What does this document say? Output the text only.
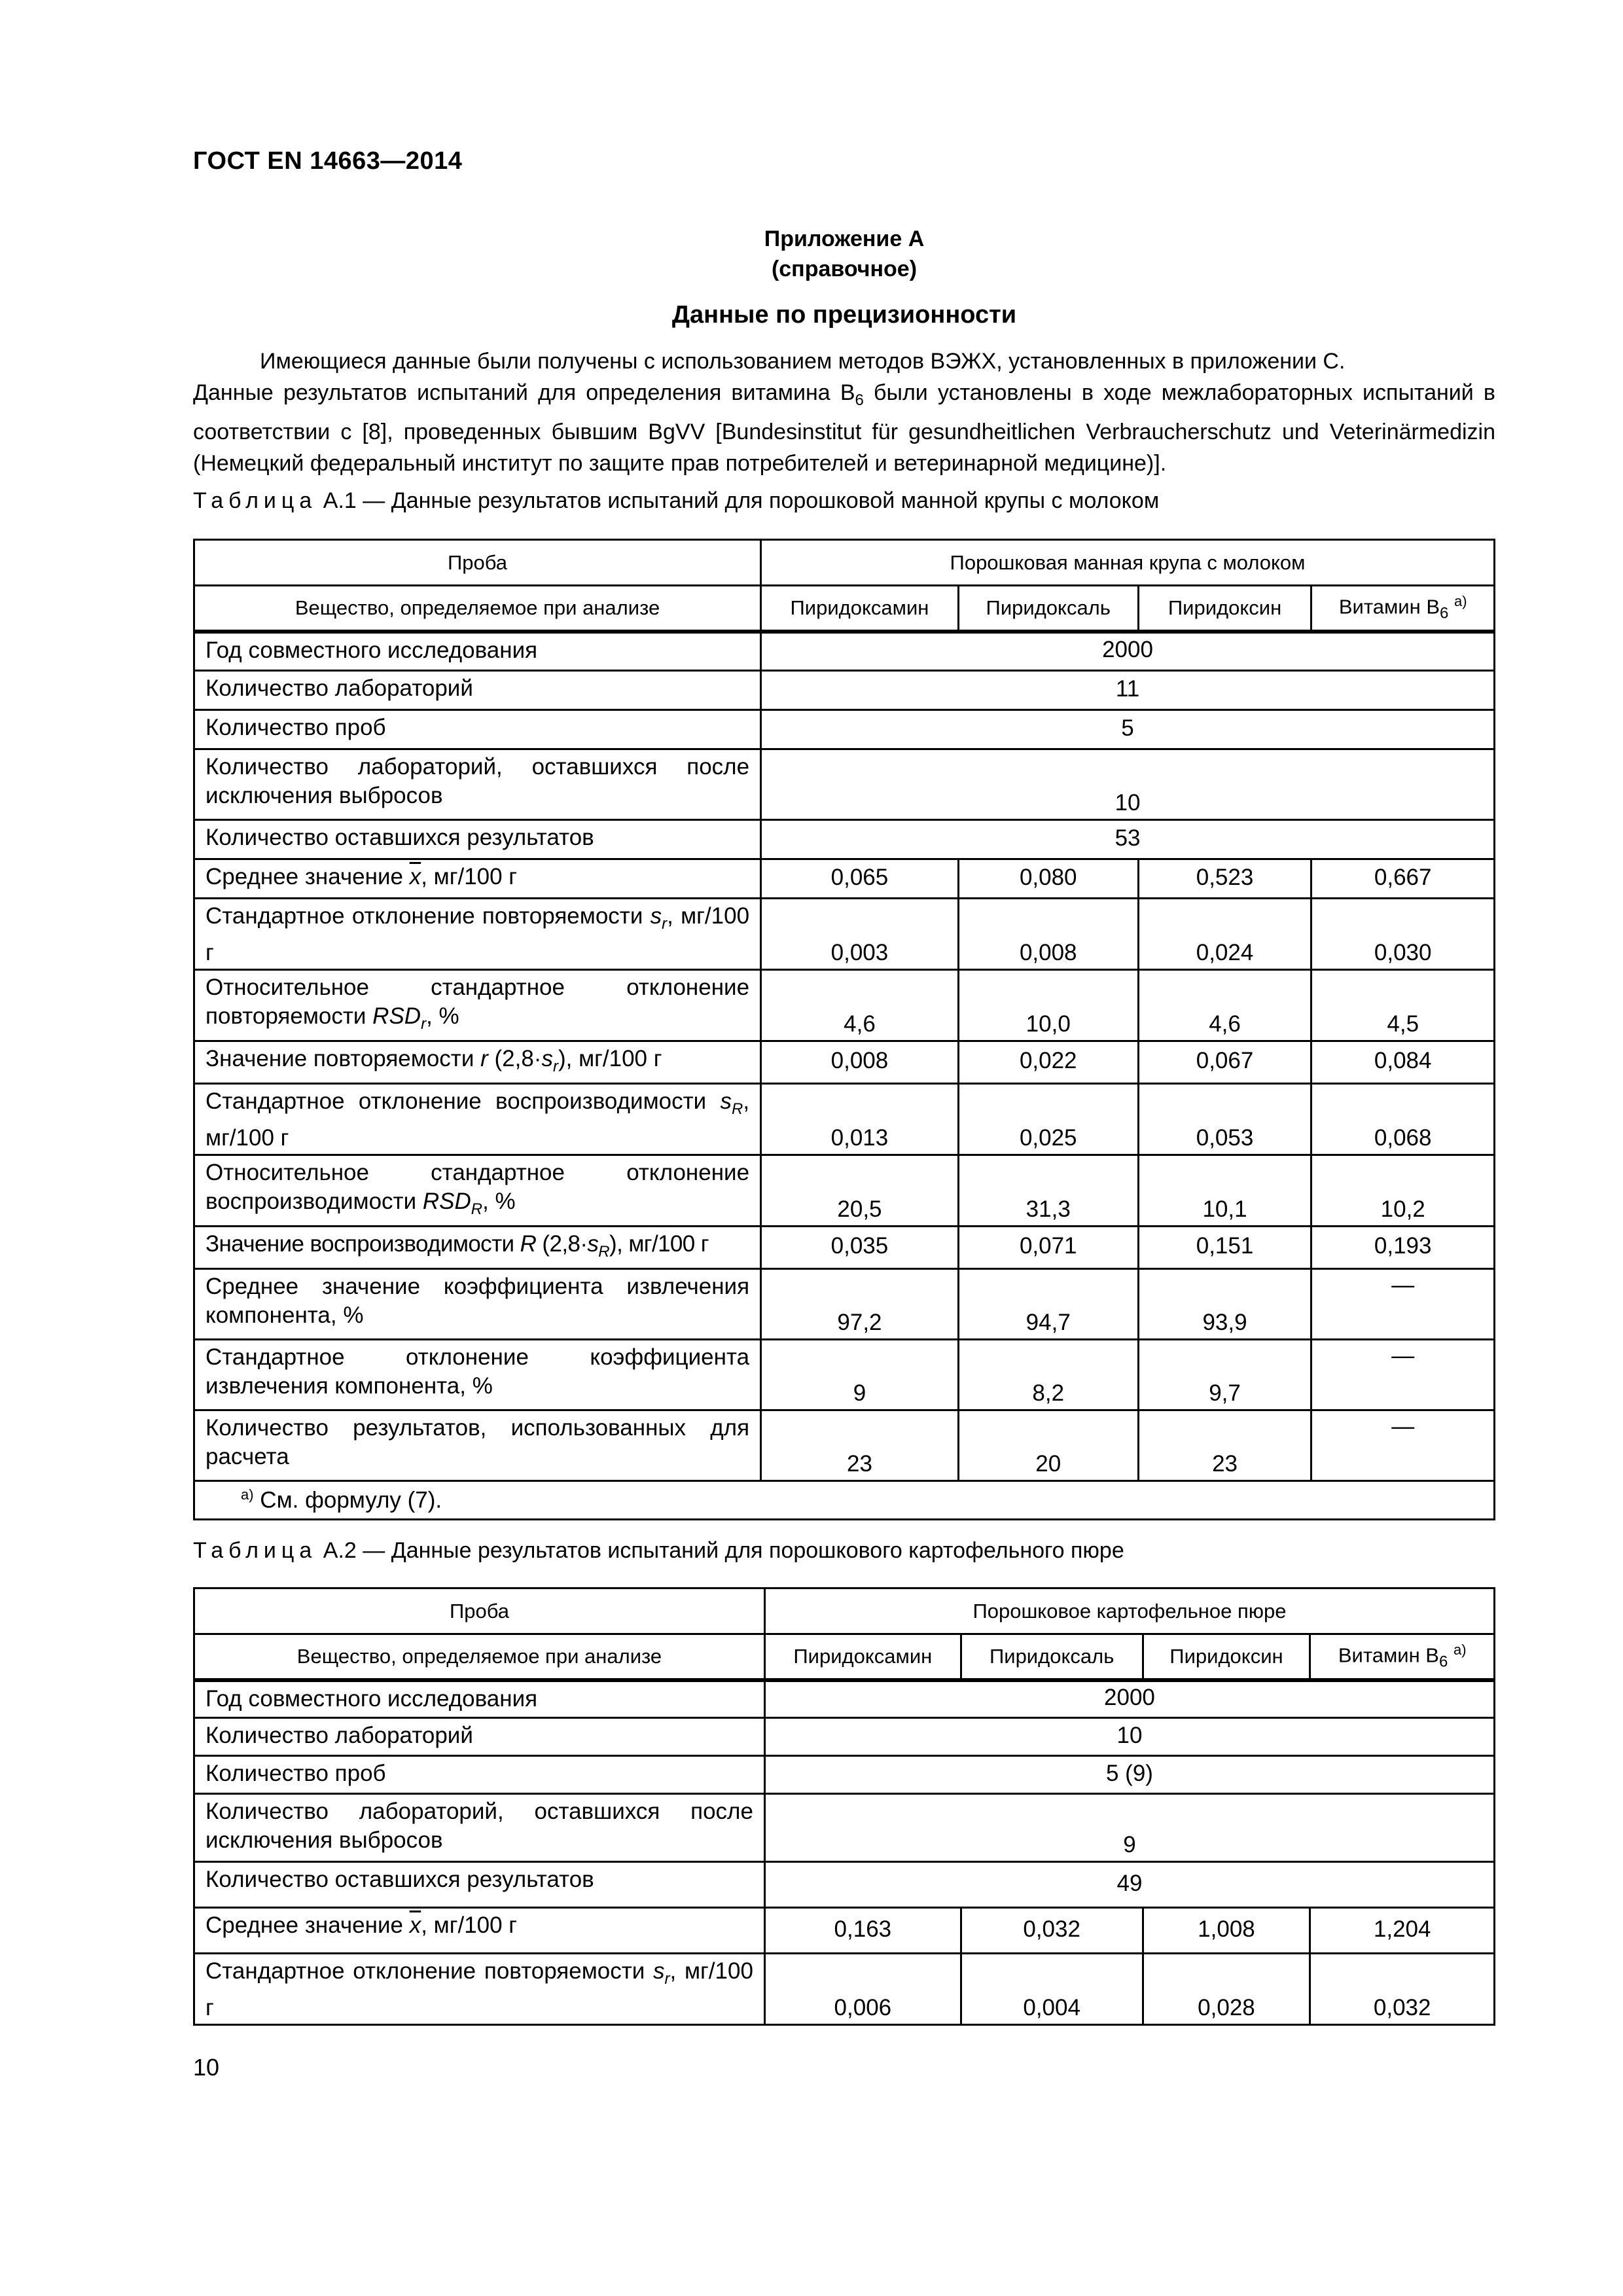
ГОСТ EN 14663—2014
Приложение А
(справочное)
Данные по прецизионности
Имеющиеся данные были получены с использованием методов ВЭЖХ, установленных в приложении С.
Данные результатов испытаний для определения витамина $В_6$ были установлены в ходе межлабораторных испытаний в соответствии с [8], проведенных бывшим BgVV [Bundesinstitut für gesundheitlichen Verbraucherschutz und Veterinärmedizin (Немецкий федеральный институт по защите прав потребителей и ветеринарной медицине)].
Таблица А.1 — Данные результатов испытаний для порошковой манной крупы с молоком
Проба	Порошковая манная крупа с молоком			
Вещество, определяемое при анализе	Пиридоксамин	Пиридоксаль	Пиридоксин	Витамин $В_6$ $^{а)}$
Год совместного исследования	2000			
Количество лабораторий	11			
Количество проб	5			
Количество лабораторий, оставшихся после исключения выбросов	10			
Количество оставшихся результатов	53			
Среднее значение $\overline{x}$, мг/100 г	0,065	0,080	0,523	0,667
Стандартное отклонение повторяемости $s_r$, мг/100 г	0,003	0,008	0,024	0,030
Относительное стандартное отклонение повторяемости $RSD_r$, %	4,6	10,0	4,6	4,5
Значение повторяемости r $(2,8\cdot s_r)$, мг/100 г	0,008	0,022	0,067	0,084
Стандартное отклонение воспроизводимости $s_R$, мг/100 г	0,013	0,025	0,053	0,068
Относительное стандартное отклонение воспроизводимости $RSD_R$, %	20,5	31,3	10,1	10,2
Значение воспроизводимости R $(2,8\cdot s_R)$, мг/100 г	0,035	0,071	0,151	0,193
Среднее значение коэффициента извлечения компонента, %	97,2	94,7	93,9	—
Стандартное отклонение коэффициента извлечения компонента, %	9	8,2	9,7	—
Количество результатов, использованных для расчета	23	20	23	—
$^{а)}$ См. формулу (7).				
Таблица А.2 — Данные результатов испытаний для порошкового картофельного пюре
Проба	Порошковое картофельное пюре			
Вещество, определяемое при анализе	Пиридоксамин	Пиридоксаль	Пиридоксин	Витамин $В_6$ $^{а)}$
Год совместного исследования	2000			
Количество лабораторий	10			
Количество проб	5 (9)			
Количество лабораторий, оставшихся после исключения выбросов	9			
Количество оставшихся результатов	49			
Среднее значение $\overline{x}$, мг/100 г	0,163	0,032	1,008	1,204
Стандартное отклонение повторяемости $s_r$, мг/100 г	0,006	0,004	0,028	0,032
10
